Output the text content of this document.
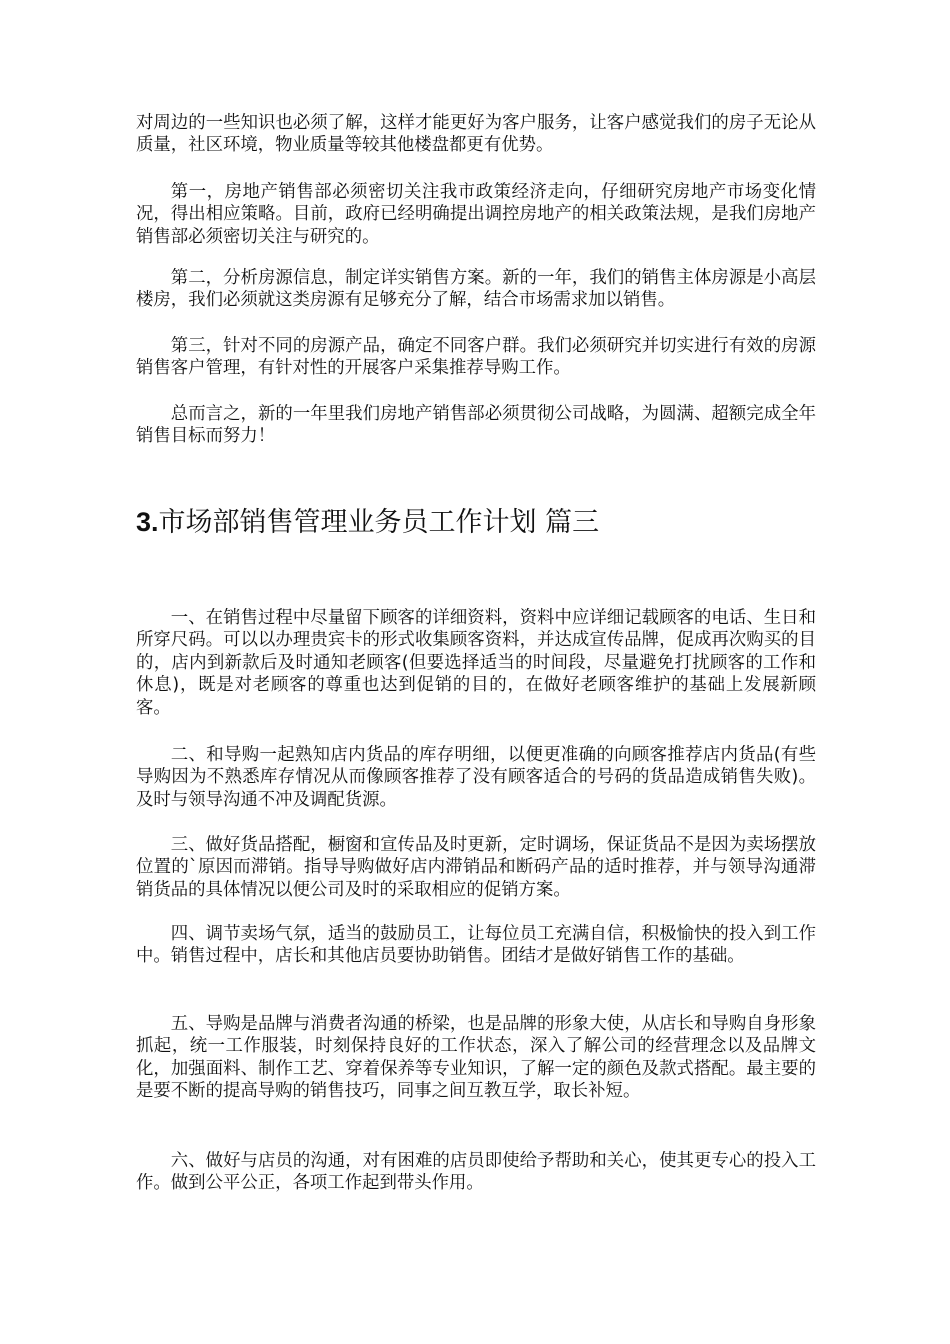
对周边的一些知识也必须了解，这样才能更好为客户服务，让客户感觉我们的房子无论从质量，社区环境，物业质量等较其他楼盘都更有优势。

第一，房地产销售部必须密切关注我市政策经济走向，仔细研究房地产市场变化情况，得出相应策略。目前，政府已经明确提出调控房地产的相关政策法规，是我们房地产销售部必须密切关注与研究的。

第二，分析房源信息，制定详实销售方案。新的一年，我们的销售主体房源是小高层楼房，我们必须就这类房源有足够充分了解，结合市场需求加以销售。

第三，针对不同的房源产品，确定不同客户群。我们必须研究并切实进行有效的房源销售客户管理，有针对性的开展客户采集推荐导购工作。

总而言之，新的一年里我们房地产销售部必须贯彻公司战略，为圆满、超额完成全年销售目标而努力！

3.市场部销售管理业务员工作计划 篇三

一、在销售过程中尽量留下顾客的详细资料，资料中应详细记载顾客的电话、生日和所穿尺码。可以以办理贵宾卡的形式收集顾客资料，并达成宣传品牌，促成再次购买的目的，店内到新款后及时通知老顾客(但要选择适当的时间段，尽量避免打扰顾客的工作和休息)，既是对老顾客的尊重也达到促销的目的，在做好老顾客维护的基础上发展新顾客。

二、和导购一起熟知店内货品的库存明细，以便更准确的向顾客推荐店内货品(有些导购因为不熟悉库存情况从而像顾客推荐了没有顾客适合的号码的货品造成销售失败)。及时与领导沟通不冲及调配货源。

三、做好货品搭配，橱窗和宣传品及时更新，定时调场，保证货品不是因为卖场摆放位置的`原因而滞销。指导导购做好店内滞销品和断码产品的适时推荐，并与领导沟通滞销货品的具体情况以便公司及时的采取相应的促销方案。

四、调节卖场气氛，适当的鼓励员工，让每位员工充满自信，积极愉快的投入到工作中。销售过程中，店长和其他店员要协助销售。团结才是做好销售工作的基础。

五、导购是品牌与消费者沟通的桥梁，也是品牌的形象大使，从店长和导购自身形象抓起，统一工作服装，时刻保持良好的工作状态，深入了解公司的经营理念以及品牌文化，加强面料、制作工艺、穿着保养等专业知识，了解一定的颜色及款式搭配。最主要的是要不断的提高导购的销售技巧，同事之间互教互学，取长补短。

六、做好与店员的沟通，对有困难的店员即使给予帮助和关心，使其更专心的投入工作。做到公平公正，各项工作起到带头作用。
